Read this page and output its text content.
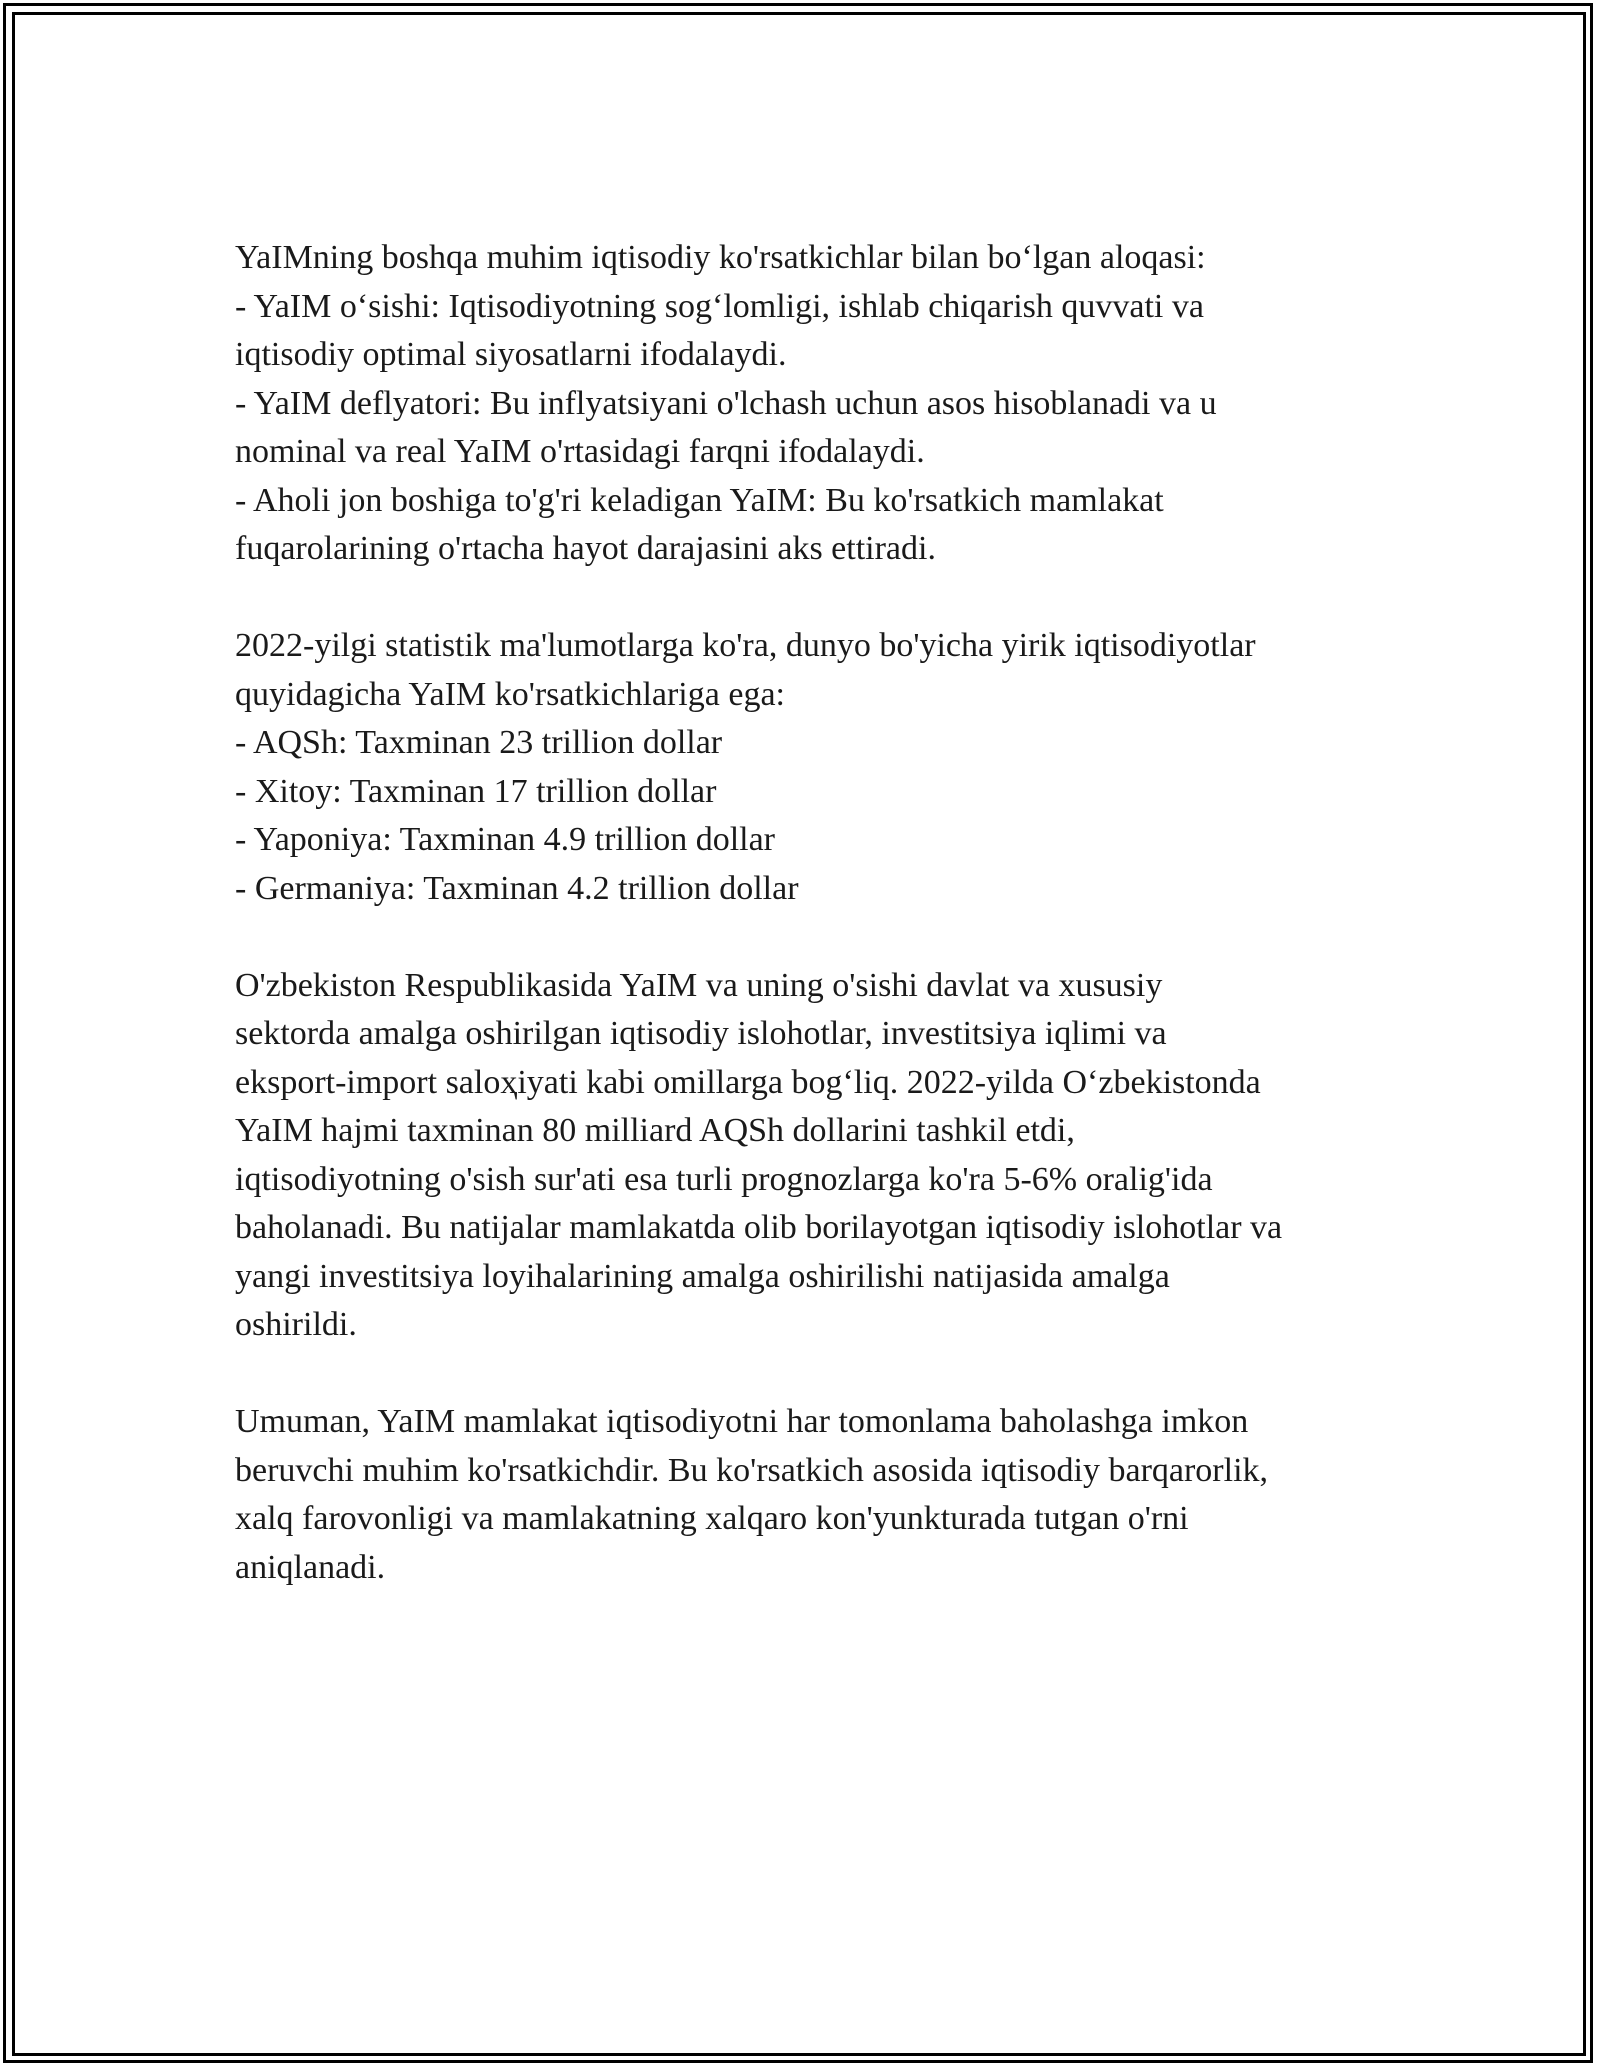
YaIMning boshqa muhim iqtisodiy ko'rsatkichlar bilan bo‘lgan aloqasi:
- YaIM o‘sishi: Iqtisodiyotning sog‘lomligi, ishlab chiqarish quvvati va
iqtisodiy optimal siyosatlarni ifodalaydi.
- YaIM deflyatori: Bu inflyatsiyani o'lchash uchun asos hisoblanadi va u
nominal va real YaIM o'rtasidagi farqni ifodalaydi.
- Aholi jon boshiga to'g'ri keladigan YaIM: Bu ko'rsatkich mamlakat
fuqarolarining o'rtacha hayot darajasini aks ettiradi.

2022-yilgi statistik ma'lumotlarga ko'ra, dunyo bo'yicha yirik iqtisodiyotlar
quyidagicha YaIM ko'rsatkichlariga ega:
- AQSh: Taxminan 23 trillion dollar
- Xitoy: Taxminan 17 trillion dollar
- Yaponiya: Taxminan 4.9 trillion dollar
- Germaniya: Taxminan 4.2 trillion dollar

O'zbekiston Respublikasida YaIM va uning o'sishi davlat va xususiy
sektorda amalga oshirilgan iqtisodiy islohotlar, investitsiya iqlimi va
eksport-import saloҳiyati kabi omillarga bog‘liq. 2022-yilda O‘zbekistonda
YaIM hajmi taxminan 80 milliard AQSh dollarini tashkil etdi,
iqtisodiyotning o'sish sur'ati esa turli prognozlarga ko'ra 5-6% oralig'ida
baholanadi. Bu natijalar mamlakatda olib borilayotgan iqtisodiy islohotlar va
yangi investitsiya loyihalarining amalga oshirilishi natijasida amalga
oshirildi.

Umuman, YaIM mamlakat iqtisodiyotni har tomonlama baholashga imkon
beruvchi muhim ko'rsatkichdir. Bu ko'rsatkich asosida iqtisodiy barqarorlik,
xalq farovonligi va mamlakatning xalqaro kon'yunkturada tutgan o'rni
aniqlanadi.
